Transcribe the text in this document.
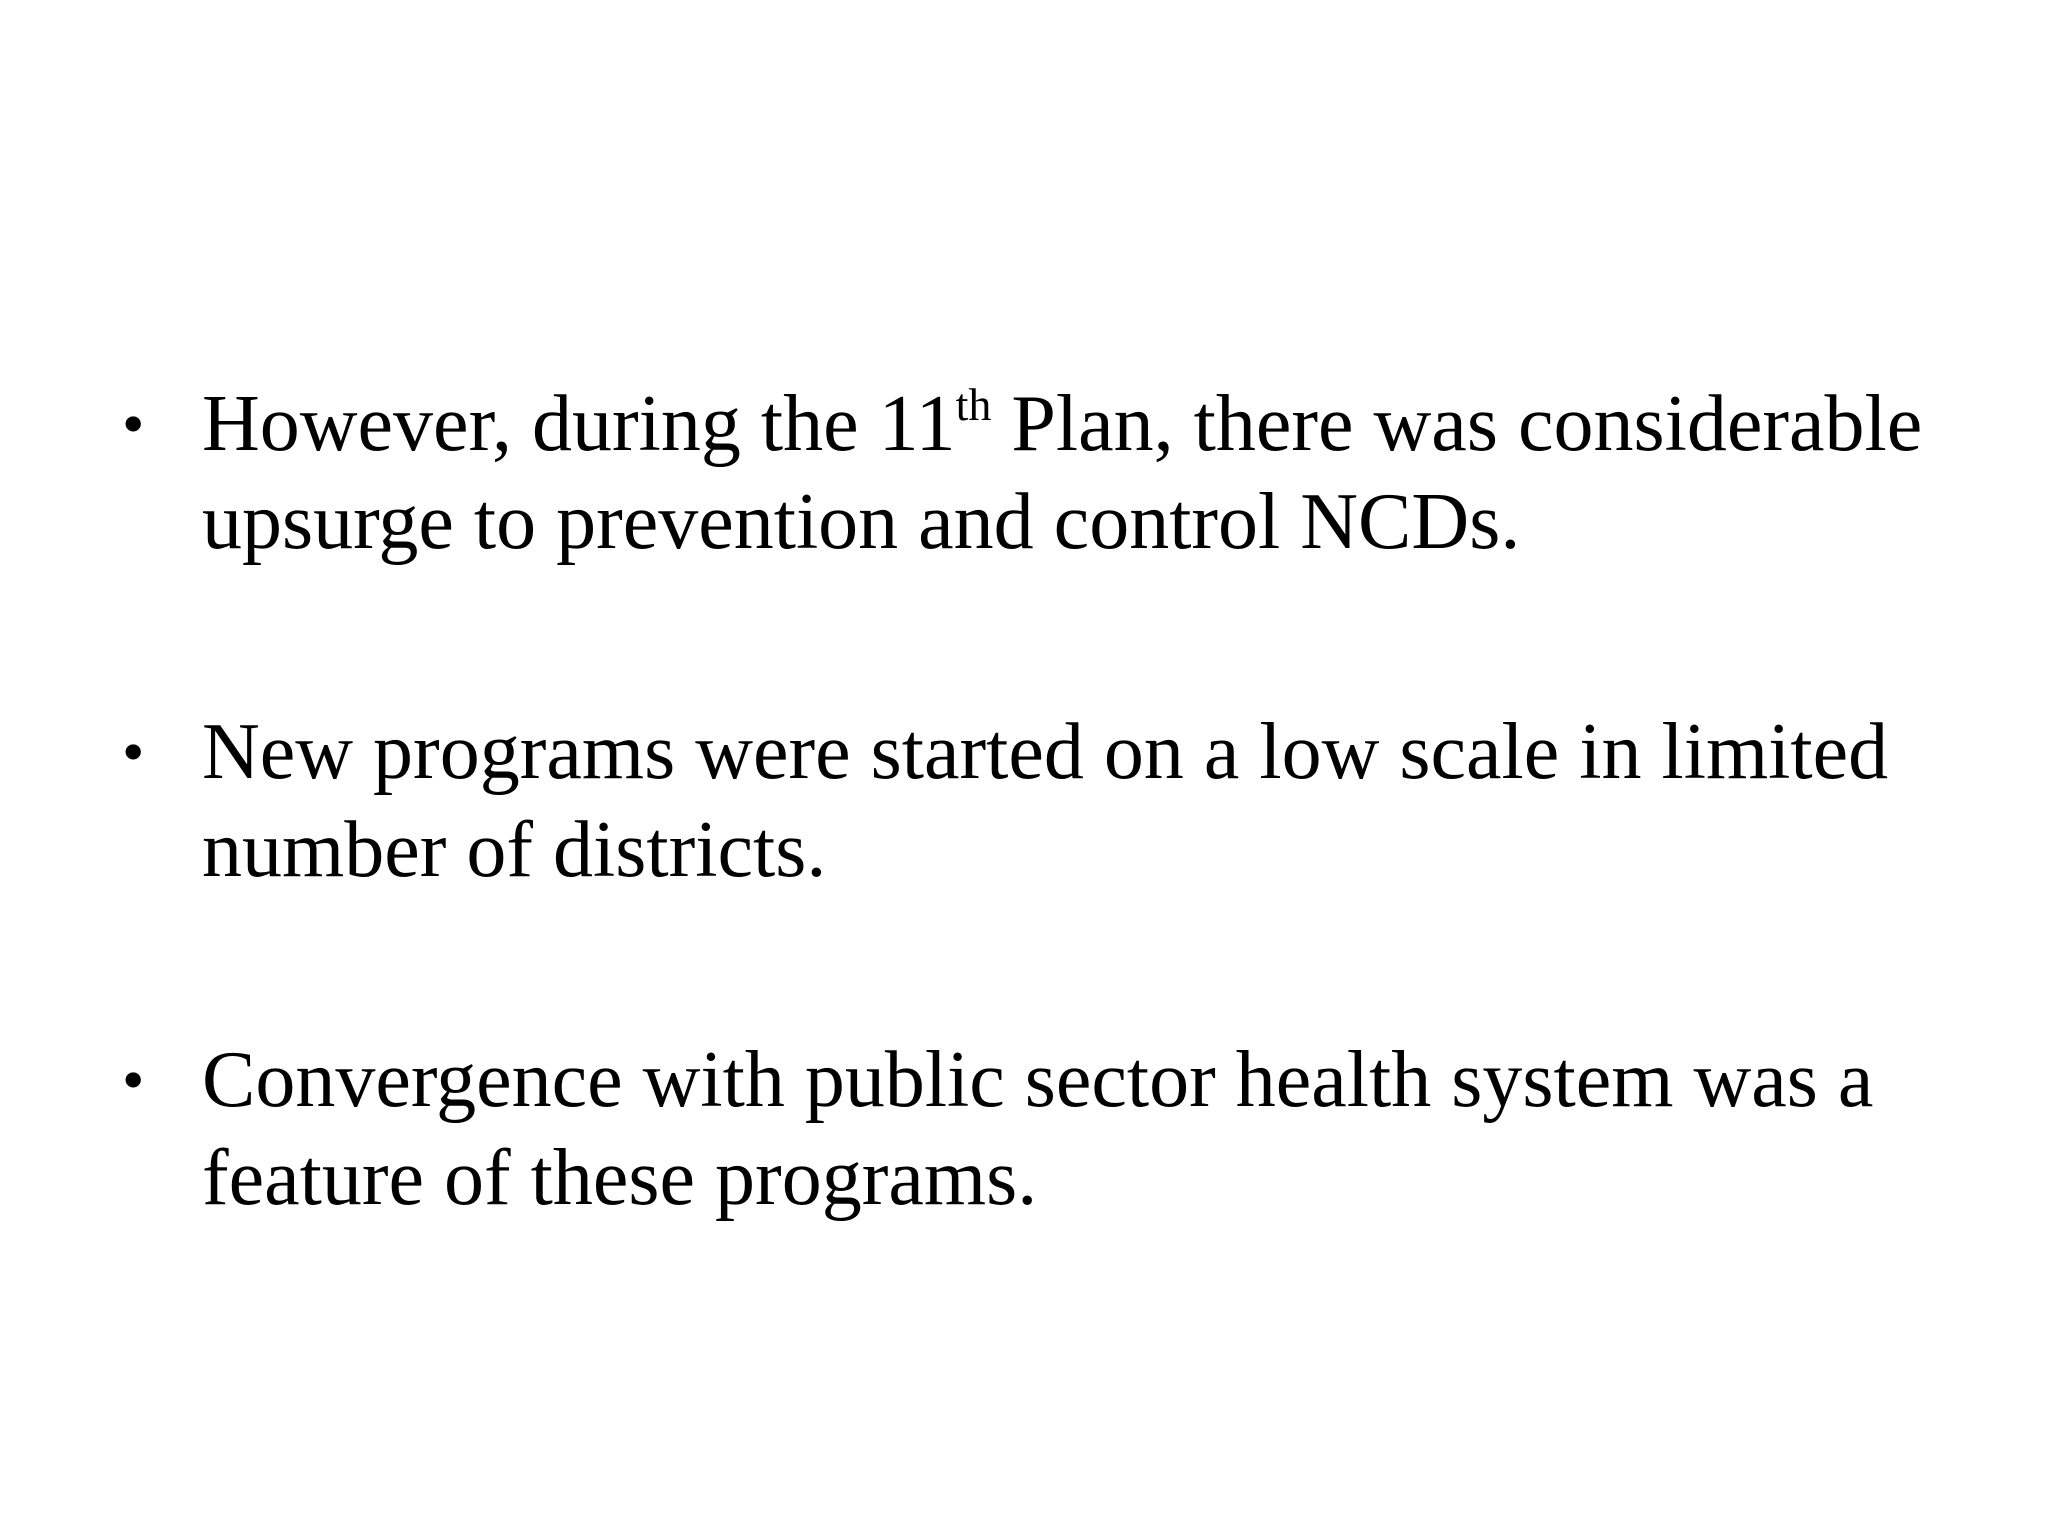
• However, during the 11th Plan, there was considerable upsurge to prevention and control NCDs.
• New programs were started on a low scale in limited number of districts.
• Convergence with public sector health system was a feature of these programs.
